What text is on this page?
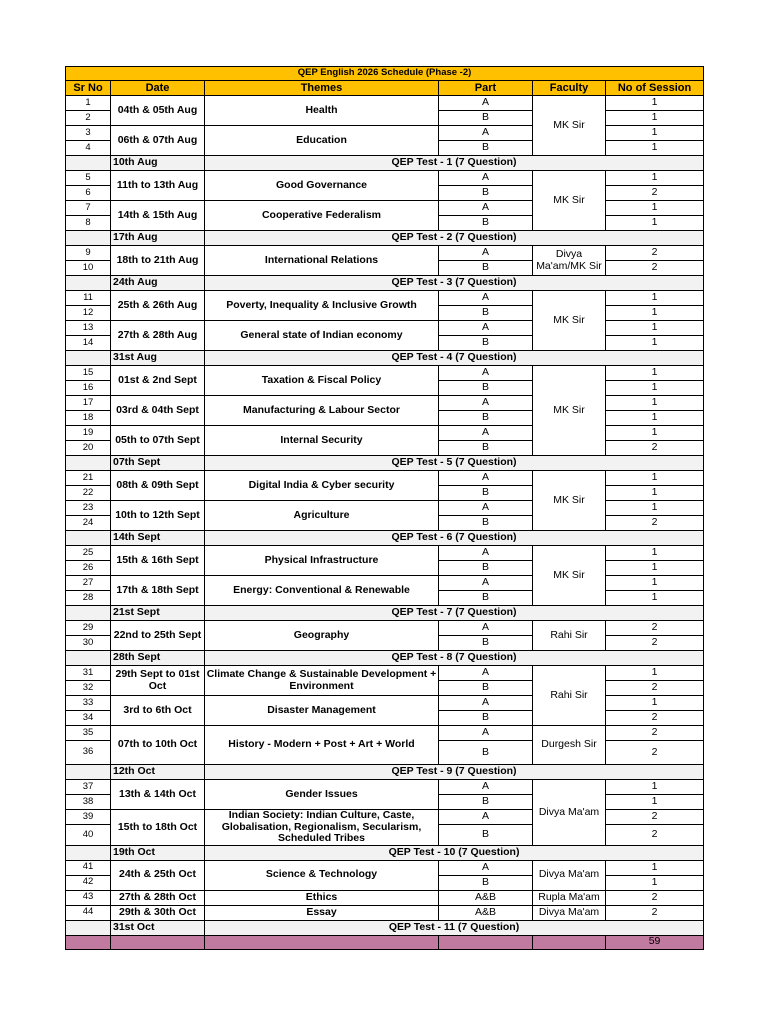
QEP English 2026 Schedule (Phase -2)					
Sr No	Date	Themes	Part	Faculty	No of Session
1	04th & 05th Aug	Health	A	MK Sir	1
2			B		1
3	06th & 07th Aug	Education	A		1
4			B		1
	10th Aug	QEP Test - 1 (7 Question)			
5	11th to 13th Aug	Good Governance	A	MK Sir	1
6			B		2
7	14th & 15th Aug	Cooperative Federalism	A		1
8			B		1
	17th Aug	QEP Test - 2 (7 Question)			
9	18th to 21th Aug	International Relations	A	Divya Ma'am/MK Sir	2
10			B		2
	24th Aug	QEP Test - 3 (7 Question)			
11	25th & 26th Aug	Poverty, Inequality & Inclusive Growth	A	MK Sir	1
12			B		1
13	27th & 28th Aug	General state of Indian economy	A		1
14			B		1
	31st Aug	QEP Test - 4 (7 Question)			
15	01st & 2nd Sept	Taxation & Fiscal Policy	A	MK Sir	1
16			B		1
17	03rd & 04th Sept	Manufacturing & Labour Sector	A		1
18			B		1
19	05th to 07th Sept	Internal Security	A		1
20			B		2
	07th Sept	QEP Test - 5 (7 Question)			
21	08th & 09th Sept	Digital India & Cyber security	A	MK Sir	1
22			B		1
23	10th to 12th Sept	Agriculture	A		1
24			B		2
	14th Sept	QEP Test - 6 (7 Question)			
25	15th & 16th Sept	Physical Infrastructure	A	MK Sir	1
26			B		1
27	17th & 18th Sept	Energy: Conventional & Renewable	A		1
28			B		1
	21st Sept	QEP Test - 7 (7 Question)			
29	22nd to 25th Sept	Geography	A	Rahi Sir	2
30			B		2
	28th Sept	QEP Test - 8 (7 Question)			
31	29th Sept to 01st Oct	Climate Change & Sustainable Development + Environment	A	Rahi Sir	1
32			B		2
33	3rd to 6th Oct	Disaster Management	A		1
34			B		2
35	07th to 10th Oct	History - Modern + Post + Art + World	A	Durgesh Sir	2
36			B		2
	12th Oct	QEP Test - 9 (7 Question)			
37	13th & 14th Oct	Gender Issues	A	Divya Ma'am	1
38			B		1
39	15th to 18th Oct	Indian Society: Indian Culture, Caste, Globalisation, Regionalism, Secularism, Scheduled Tribes	A		2
40			B		2
	19th Oct	QEP Test - 10 (7 Question)			
41	24th & 25th Oct	Science & Technology	A	Divya Ma'am	1
42			B		1
43	27th & 28th Oct	Ethics	A&B	Rupla Ma'am	2
44	29th & 30th Oct	Essay	A&B	Divya Ma'am	2
	31st Oct	QEP Test - 11 (7 Question)			
					59
